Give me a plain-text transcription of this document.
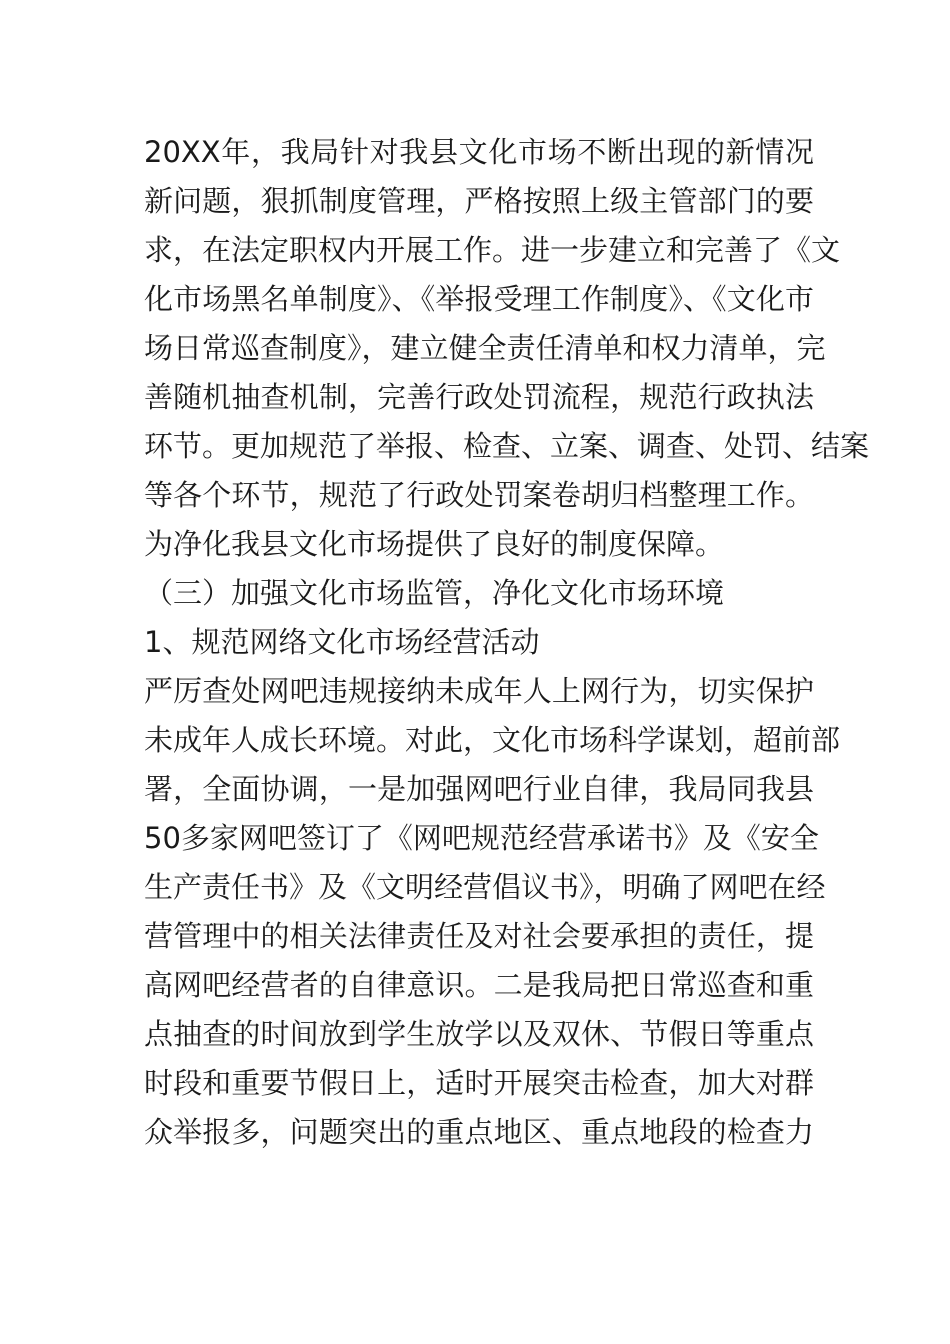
20XX年，我局针对我县文化市场不断出现的新情况
新问题，狠抓制度管理，严格按照上级主管部门的要
求，在法定职权内开展工作。进一步建立和完善了《文
化市场黑名单制度》、《举报受理工作制度》、《文化市
场日常巡查制度》，建立健全责任清单和权力清单，完
善随机抽查机制，完善行政处罚流程，规范行政执法
环节。更加规范了举报、检查、立案、调查、处罚、结案
等各个环节，规范了行政处罚案卷胡归档整理工作。
为净化我县文化市场提供了良好的制度保障。
（三）加强文化市场监管，净化文化市场环境
1、规范网络文化市场经营活动
严厉查处网吧违规接纳未成年人上网行为，切实保护
未成年人成长环境。对此，文化市场科学谋划，超前部
署，全面协调，一是加强网吧行业自律，我局同我县
50多家网吧签订了《网吧规范经营承诺书》及《安全
生产责任书》及《文明经营倡议书》，明确了网吧在经
营管理中的相关法律责任及对社会要承担的责任，提
高网吧经营者的自律意识。二是我局把日常巡查和重
点抽查的时间放到学生放学以及双休、节假日等重点
时段和重要节假日上，适时开展突击检查，加大对群
众举报多，问题突出的重点地区、重点地段的检查力
